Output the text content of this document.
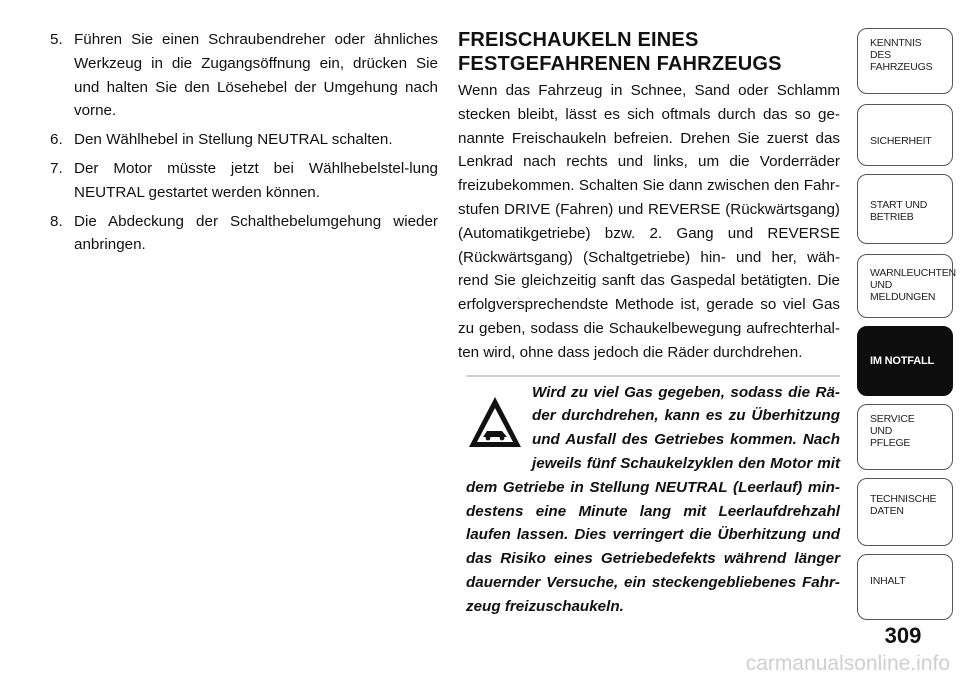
5. Führen Sie einen Schraubendreher oder ähnliches Werkzeug in die Zugangsöffnung ein, drücken Sie und halten Sie den Lösehebel der Umgehung nach vorne.
6. Den Wählhebel in Stellung NEUTRAL schalten.
7. Der Motor müsste jetzt bei Wählhebelstel-lung NEUTRAL gestartet werden können.
8. Die Abdeckung der Schalthebelumgehung wieder anbringen.
FREISCHAUKELN EINES FESTGEFAHRENEN FAHRZEUGS

Wenn das Fahrzeug in Schnee, Sand oder Schlamm stecken bleibt, lässt es sich oftmals durch das so ge-nannte Freischaukeln befreien. Drehen Sie zuerst das Lenkrad nach rechts und links, um die Vorderräder freizubekommen. Schalten Sie dann zwischen den Fahr-stufen DRIVE (Fahren) und REVERSE (Rückwärtsgang) (Automatikgetriebe) bzw. 2. Gang und REVERSE (Rückwärtsgang) (Schaltgetriebe) hin- und her, wäh-rend Sie gleichzeitig sanft das Gaspedal betätigten. Die erfolgversprechendste Methode ist, gerade so viel Gas zu geben, sodass die Schaukelbewegung aufrechterhal-ten wird, ohne dass jedoch die Räder durchdrehen.

Wird zu viel Gas gegeben, sodass die Rä-der durchdrehen, kann es zu Überhitzung und Ausfall des Getriebes kommen. Nach jeweils fünf Schaukelzyklen den Motor mit dem Getriebe in Stellung NEUTRAL (Leerlauf) min-destens eine Minute lang mit Leerlaufdrehzahl laufen lassen. Dies verringert die Überhitzung und das Risiko eines Getriebedefekts während länger dauernder Versuche, ein steckengebliebenes Fahr-zeug freizuschaukeln.
KENNTNIS
DES
FAHRZEUGS
SICHERHEIT
START UND
BETRIEB
WARNLEUCHTEN
UND
MELDUNGEN
IM NOTFALL
SERVICE
UND
PFLEGE
TECHNISCHE
DATEN
INHALT
309
carmanualsonline.info
